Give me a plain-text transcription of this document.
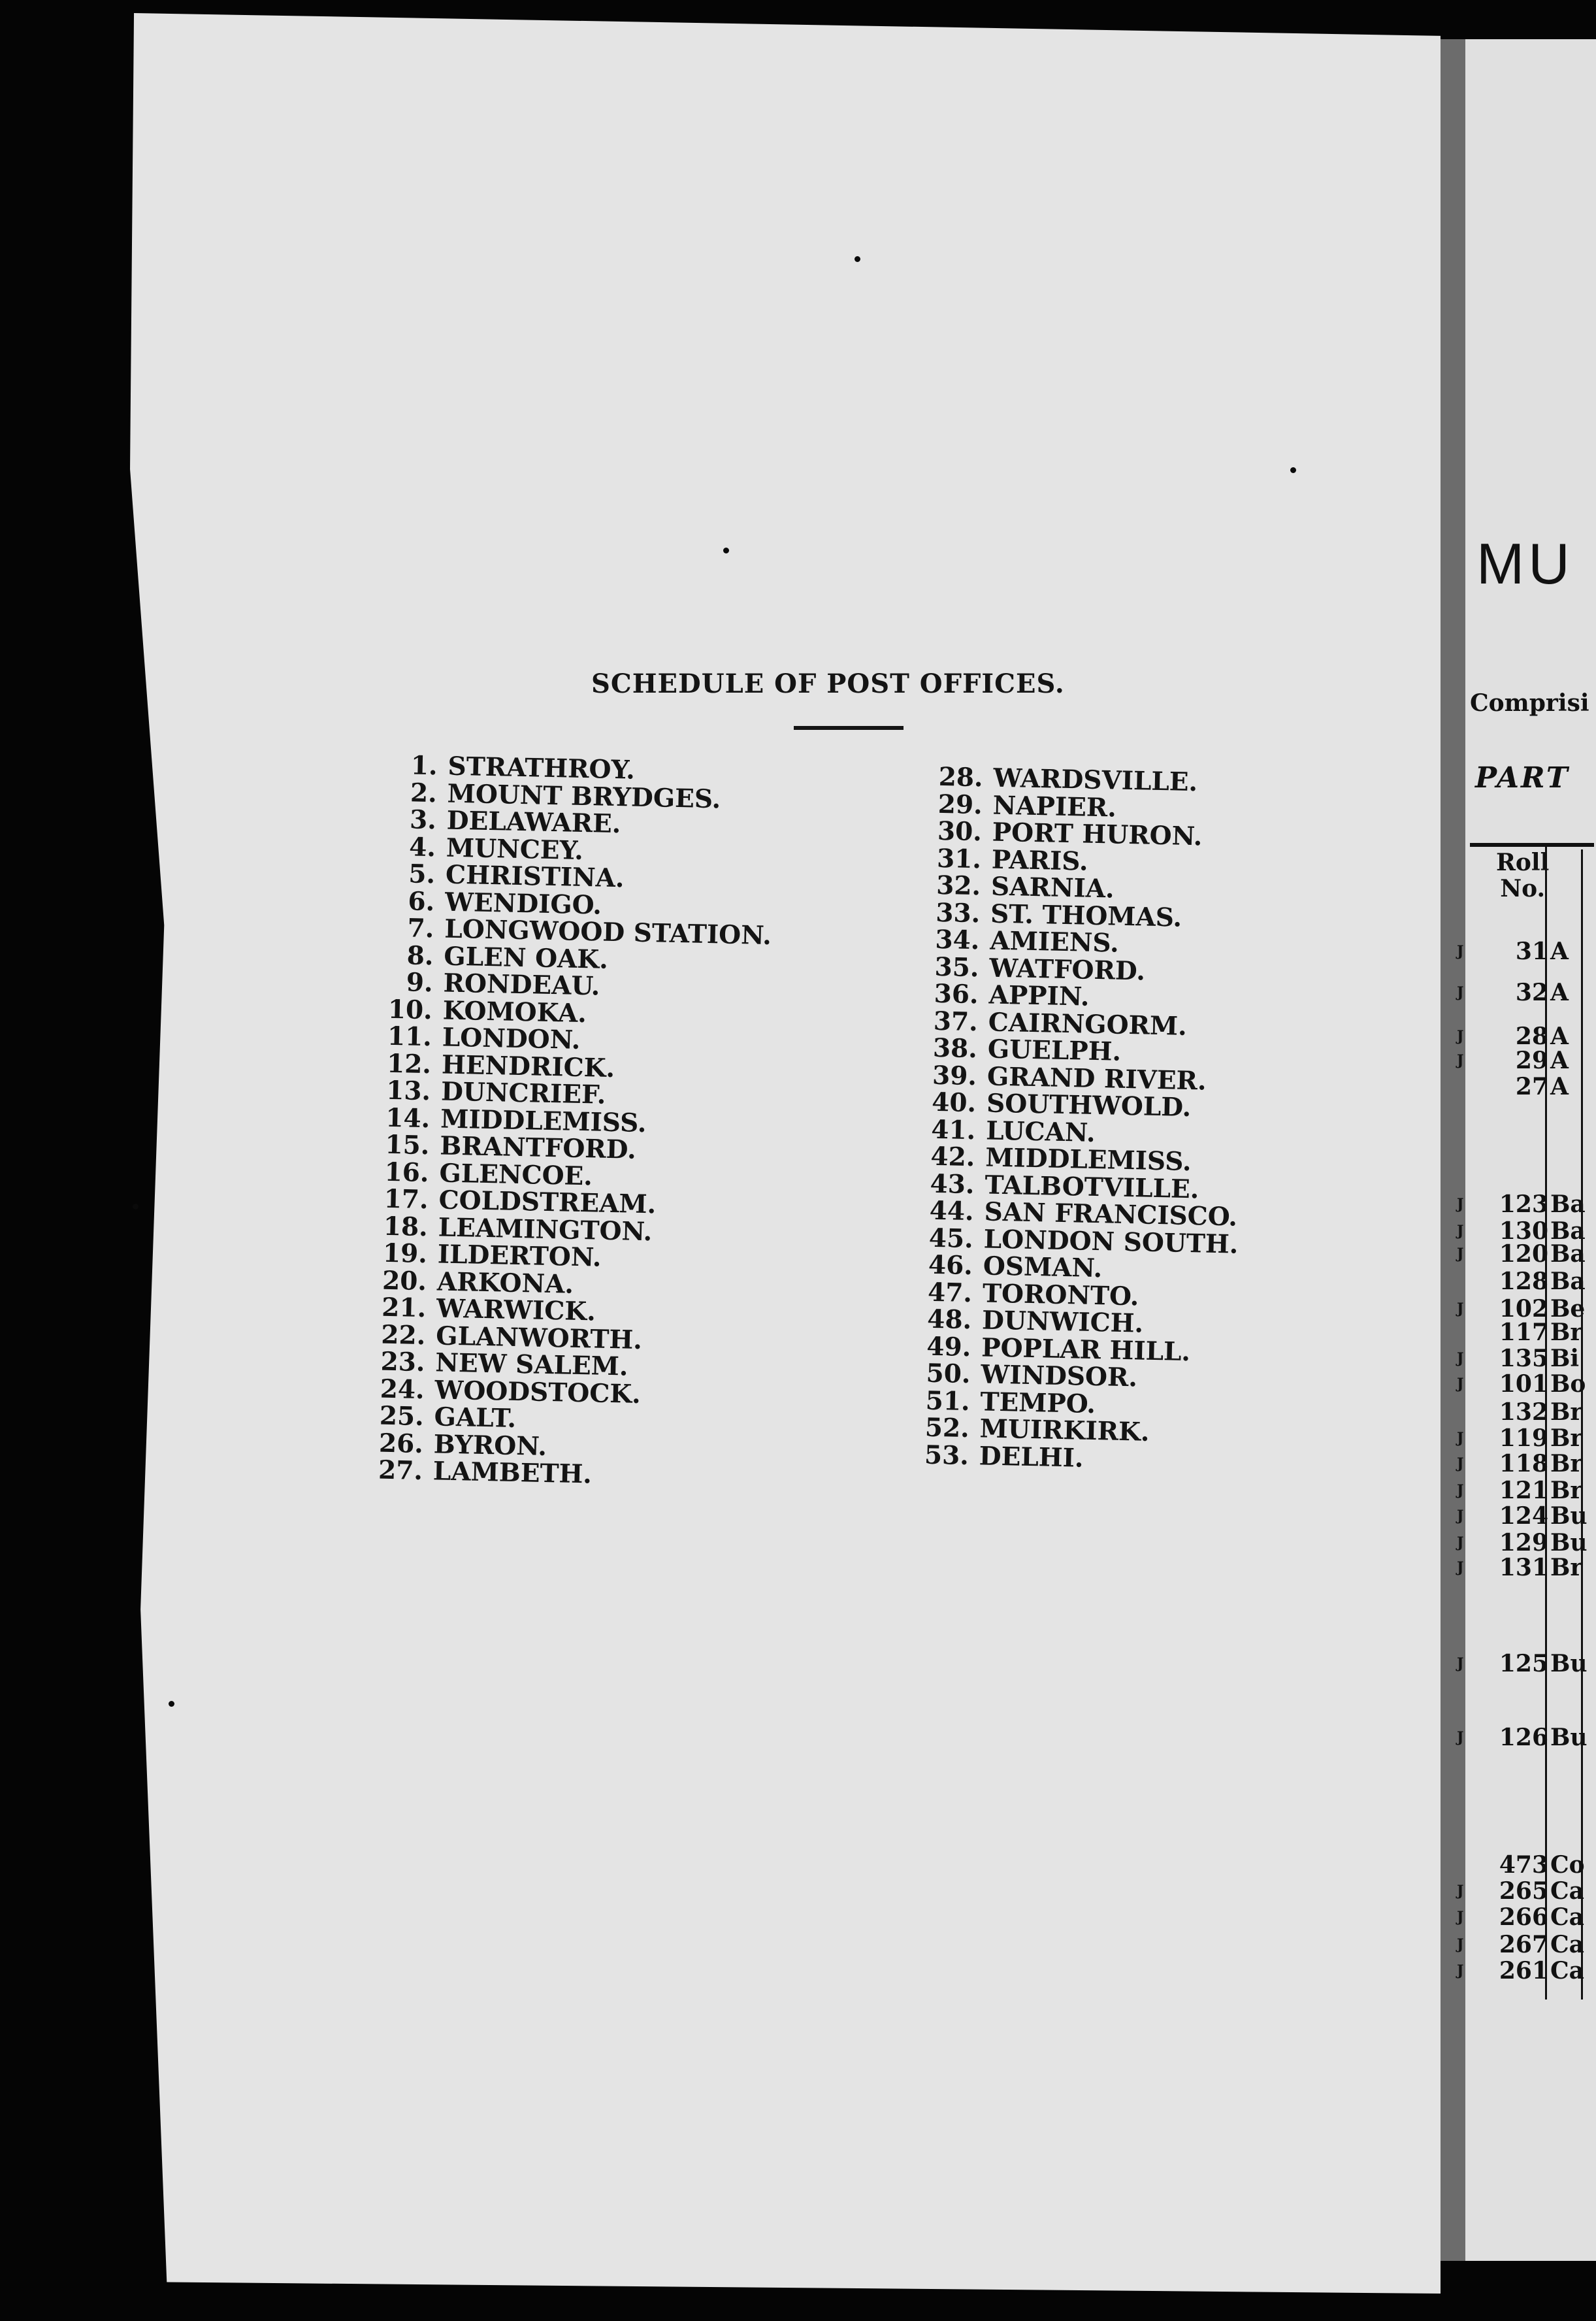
SCHEDULE OF POST OFFICES.
1. STRATHROY.
2. MOUNT BRYDGES.
3. DELAWARE.
4. MUNCEY.
5. CHRISTINA.
6. WENDIGO.
7. LONGWOOD STATION.
8. GLEN OAK.
9. RONDEAU.
10. KOMOKA.
11. LONDON.
12. HENDRICK.
13. DUNCRIEF.
14. MIDDLEMISS.
15. BRANTFORD.
16. GLENCOE.
17. COLDSTREAM.
18. LEAMINGTON.
19. ILDERTON.
20. ARKONA.
21. WARWICK.
22. GLANWORTH.
23. NEW SALEM.
24. WOODSTOCK.
25. GALT.
26. BYRON.
27. LAMBETH.
28. WARDSVILLE.
29. NAPIER.
30. PORT HURON.
31. PARIS.
32. SARNIA.
33. ST. THOMAS.
34. AMIENS.
35. WATFORD.
36. APPIN.
37. CAIRNGORM.
38. GUELPH.
39. GRAND RIVER.
40. SOUTHWOLD.
41. LUCAN.
42. MIDDLEMISS.
43. TALBOTVILLE.
44. SAN FRANCISCO.
45. LONDON SOUTH.
46. OSMAN.
47. TORONTO.
48. DUNWICH.
49. POPLAR HILL.
50. WINDSOR.
51. TEMPO.
52. MUIRKIRK.
53. DELHI.
MU
Comprisi
PART
Roll
No.
J	31 A
J	32 A
J	28 A
J	29 A
27 A
J	123 Ba
J	130 Ba
J	120 Ba
128 Ba
J	102 Be
117 Br
J	135 Bi
J	101 Bo
132 Br
J	119 Br
J	118 Br
J	121 Br
J	124 Bu
J	129 Bu
J	131 Br
J	125 Bu
J	126 Bu
473 Co
J	265 Ca
J	266 Ca
J	267 Ca
J	261 Ca
